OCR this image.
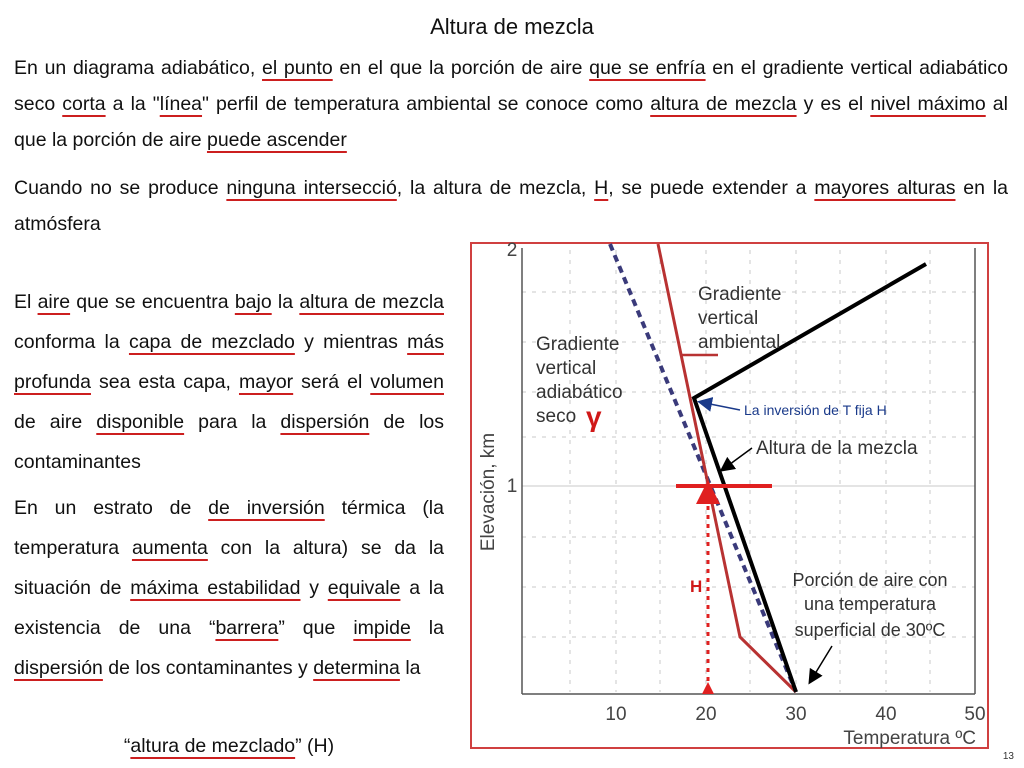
Altura de mezcla
En un diagrama adiabático, el punto en el que la porción de aire que se enfría en el gradiente vertical adiabático seco corta a la "línea" perfil de temperatura ambiental se conoce como altura de mezcla y es el nivel máximo al que la porción de aire puede ascender
Cuando no se produce ninguna intersecció, la altura de mezcla, H, se puede extender a mayores alturas en la atmósfera
El aire que se encuentra bajo la altura de mezcla conforma la capa de mezclado y mientras más profunda sea esta capa, mayor será el volumen de aire disponible para la dispersión de los contaminantes
En un estrato de de inversión térmica (la temperatura aumenta con la altura) se da la situación de máxima estabilidad y equivale a la existencia de una “barrera” que impide la dispersión de los contaminantes y determina la
“altura de mezclado” (H)
10	20	30	40	50
1
2
Temperatura ºC
Elevación, km
Gradiente
vertical
adiabático
seco γ
Gradiente
vertical
ambiental
La inversión de T fija H
Altura de la mezcla
H	Porción de aire con
una temperatura
superficial de 30ºC
13
